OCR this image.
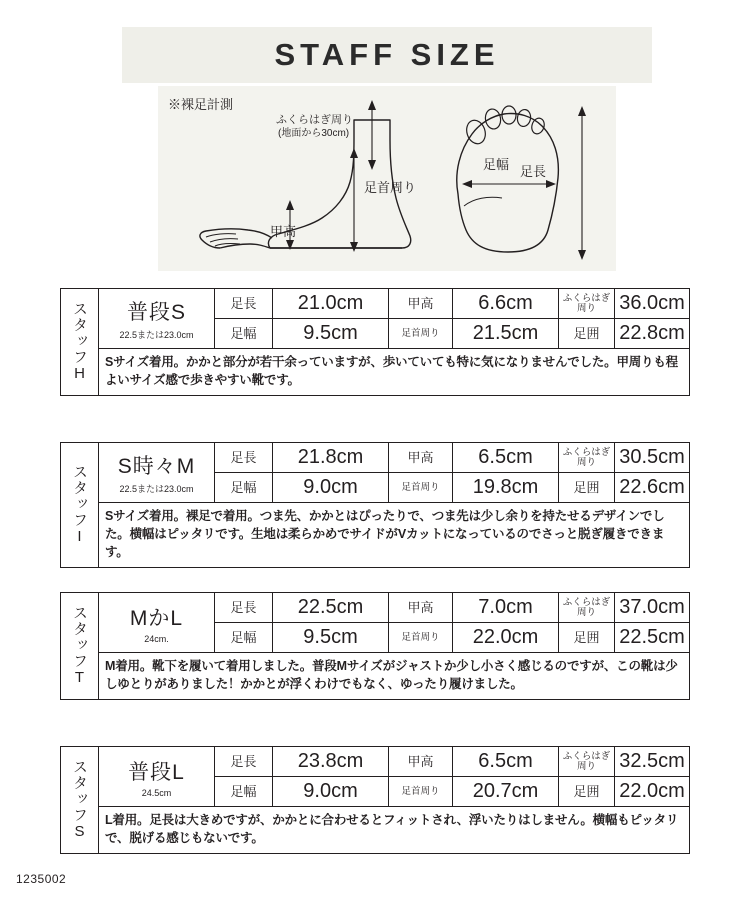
STAFF SIZE
※裸足計測
ふくらはぎ周り
(地面から30cm)
足首周り
甲高
足幅 足長
スタッフH	普段S
22.5または23.0cm
足長	21.0cm	甲高	6.6cm	ふくらはぎ
周り	36.0cm
足幅	9.5cm	足首周り	21.5cm	足囲 22.8cm
Sサイズ着用。かかと部分が若干余っていますが、歩いていても特に気になりませんでした。甲周りも程よいサイズ感で歩きやすい靴です。
スタッフI	S時々M
22.5または23.0cm
足長	21.8cm	甲高	6.5cm	ふくらはぎ
周り	30.5cm
足幅	9.0cm	足首周り	19.8cm	足囲 22.6cm
Sサイズ着用。裸足で着用。つま先、かかとはぴったりで、つま先は少し余りを持たせるデザインでした。横幅はピッタリです。生地は柔らかめでサイドがVカットになっているのでさっと脱ぎ履きできます。
スタッフT	MかL
24cm.
足長	22.5cm	甲高	7.0cm	ふくらはぎ
周り	37.0cm
足幅	9.5cm	足首周り	22.0cm	足囲 22.5cm
M着用。靴下を履いて着用しました。普段Mサイズがジャストか少し小さく感じるのですが、この靴は少しゆとりがありました！かかとが浮くわけでもなく、ゆったり履けました。
スタッフS	普段L
24.5cm
足長	23.8cm	甲高	6.5cm	ふくらはぎ
周り	32.5cm
足幅	9.0cm	足首周り	20.7cm	足囲 22.0cm
L着用。足長は大きめですが、かかとに合わせるとフィットされ、浮いたりはしません。横幅もピッタリで、脱げる感じもないです。
1235002
